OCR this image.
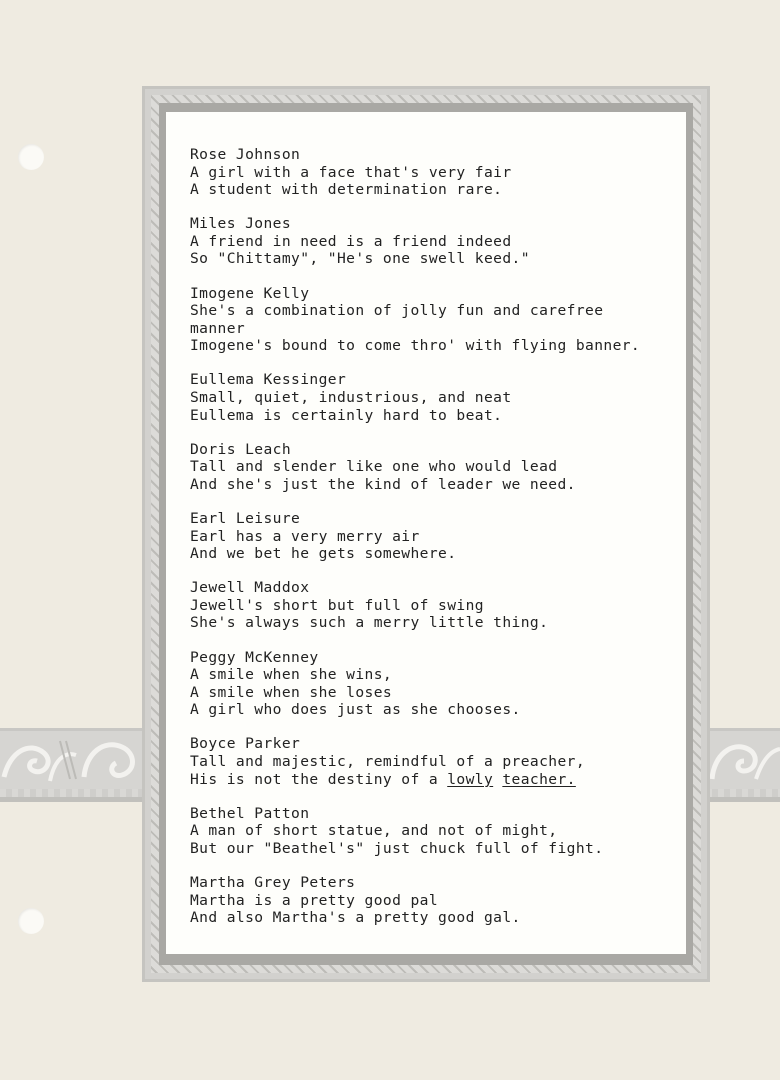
Rose Johnson
A girl with a face that's very fair
A student with determination rare.
Miles Jones
A friend in need is a friend indeed
So "Chittamy", "He's one swell keed."
Imogene Kelly
She's a combination of jolly fun and carefree
manner
Imogene's bound to come thro' with flying banner.
Eullema Kessinger
Small, quiet, industrious, and neat
Eullema is certainly hard to beat.
Doris Leach
Tall and slender like one who would lead
And she's just the kind of leader we need.
Earl Leisure
Earl has a very merry air
And we bet he gets somewhere.
Jewell Maddox
Jewell's short but full of swing
She's always such a merry little thing.
Peggy McKenney
A smile when she wins,
A smile when she loses
A girl who does just as she chooses.
Boyce Parker
Tall and majestic, remindful of a preacher,
His is not the destiny of a lowly teacher.
Bethel Patton
A man of short statue, and not of might,
But our "Beathel's" just chuck full of fight.
Martha Grey Peters
Martha is a pretty good pal
And also Martha's a pretty good gal.
